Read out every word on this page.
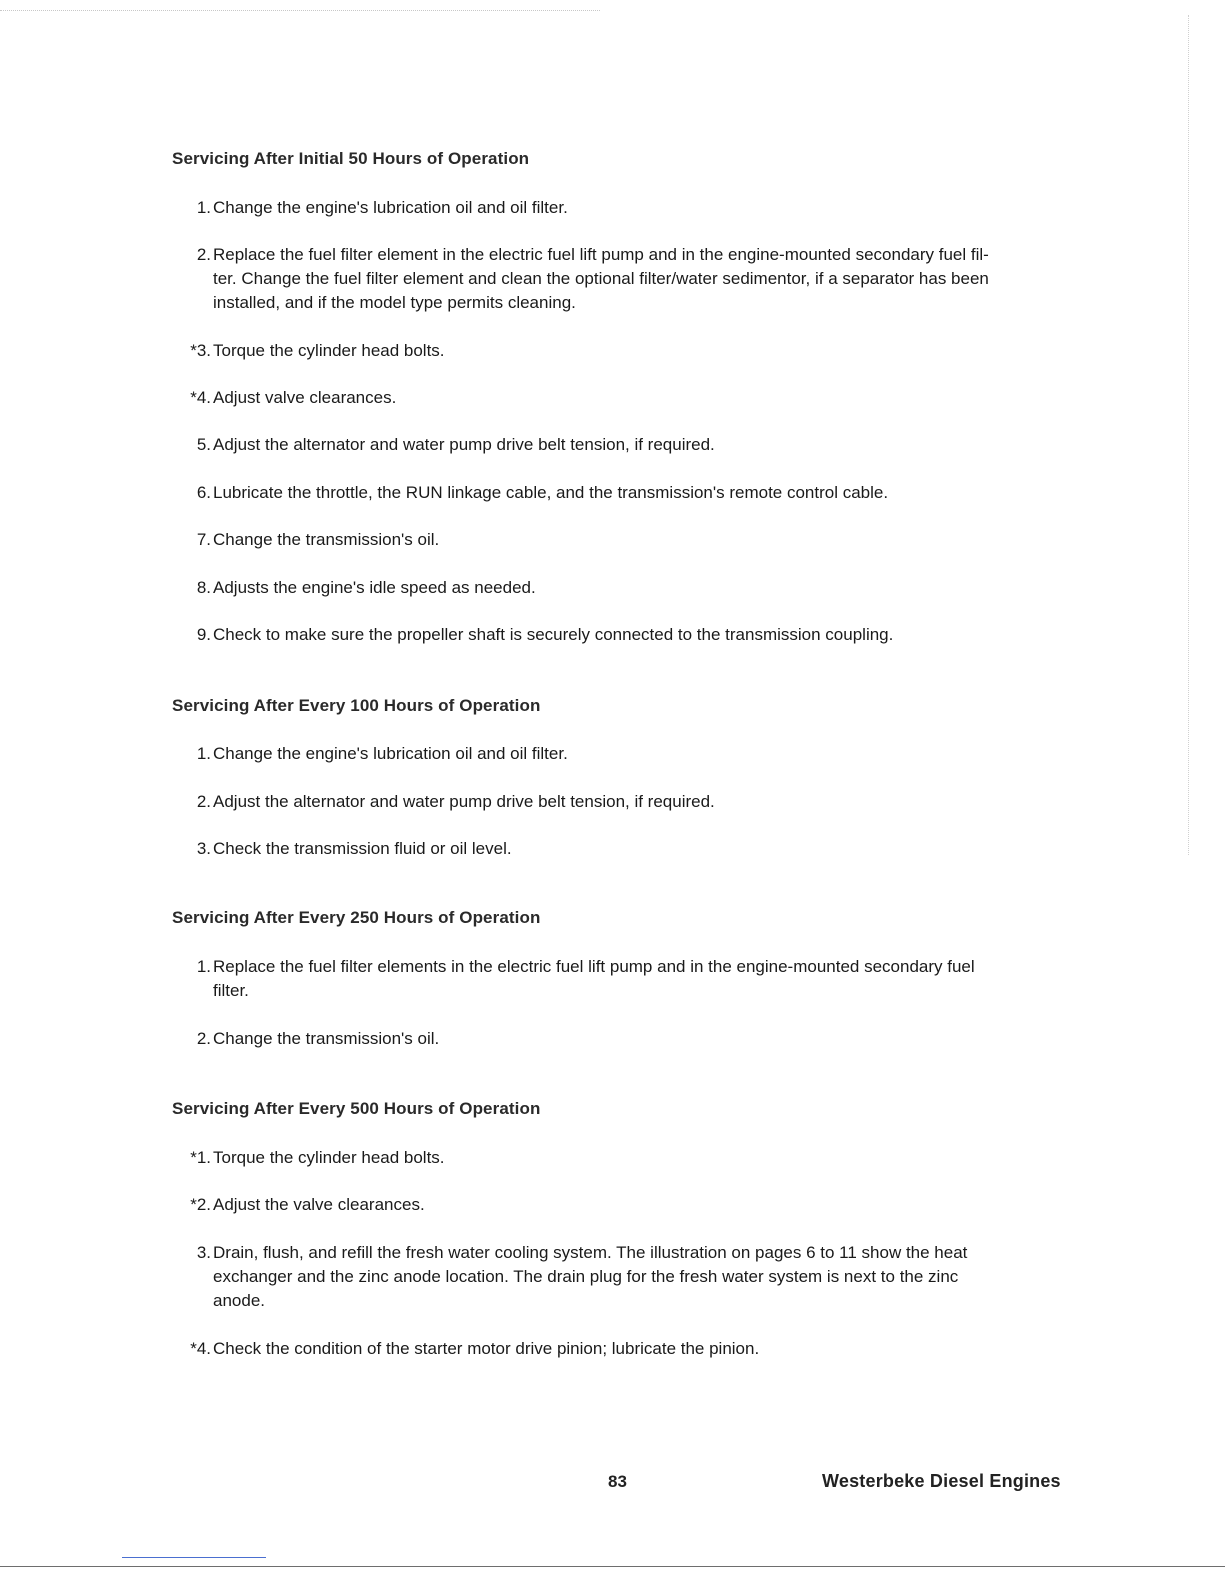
Servicing After Initial 50 Hours of Operation
1. Change the engine's lubrication oil and oil filter.
2. Replace the fuel filter element in the electric fuel lift pump and in the engine-mounted secondary fuel fil-
ter. Change the fuel filter element and clean the optional filter/water sedimentor, if a separator has been
installed, and if the model type permits cleaning.
*3. Torque the cylinder head bolts.
*4. Adjust valve clearances.
5. Adjust the alternator and water pump drive belt tension, if required.
6. Lubricate the throttle, the RUN linkage cable, and the transmission's remote control cable.
7. Change the transmission's oil.
8. Adjusts the engine's idle speed as needed.
9. Check to make sure the propeller shaft is securely connected to the transmission coupling.
Servicing After Every 100 Hours of Operation
1. Change the engine's lubrication oil and oil filter.
2. Adjust the alternator and water pump drive belt tension, if required.
3. Check the transmission fluid or oil level.
Servicing After Every 250 Hours of Operation
1. Replace the fuel filter elements in the electric fuel lift pump and in the engine-mounted secondary fuel
filter.
2. Change the transmission's oil.
Servicing After Every 500 Hours of Operation
*1. Torque the cylinder head bolts.
*2. Adjust the valve clearances.
3. Drain, flush, and refill the fresh water cooling system. The illustration on pages 6 to 11 show the heat
exchanger and the zinc anode location. The drain plug for the fresh water system is next to the zinc
anode.
*4. Check the condition of the starter motor drive pinion; lubricate the pinion.
83	Westerbeke Diesel Engines
